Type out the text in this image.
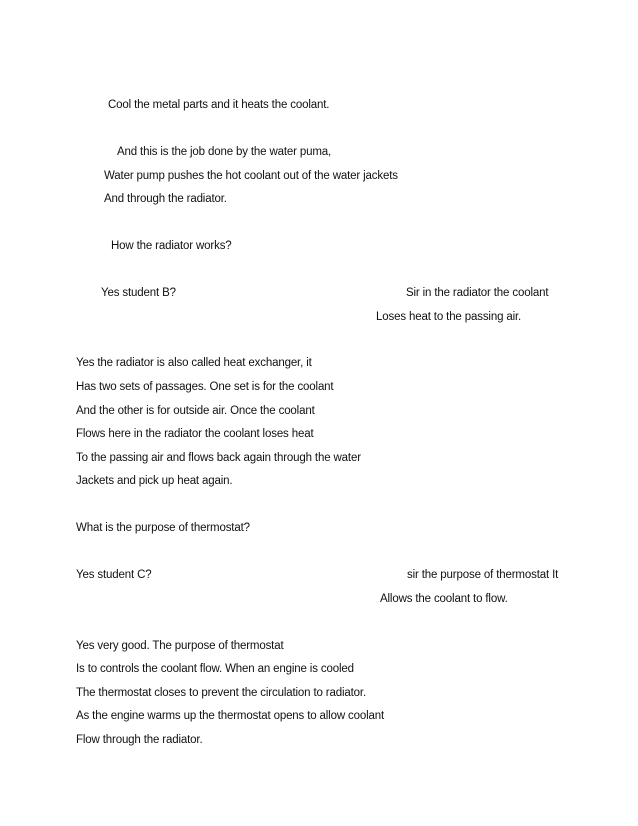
Cool the metal parts and it heats the coolant.
And this is the job done by the water puma,
Water pump pushes the hot coolant out of the water jackets
And through the radiator.
How the radiator works?
Yes student B?	Sir in the radiator the coolant
Loses heat to the passing air.
Yes the radiator is also called heat exchanger, it
Has two sets of passages. One set is for the coolant
And the other is for outside air. Once the coolant
Flows here in the radiator the coolant loses heat
To the passing air and flows back again through the water
Jackets and pick up heat again.
What is the purpose of thermostat?
Yes student C?	sir the purpose of thermostat It
Allows the coolant to flow.
Yes very good. The purpose of thermostat
Is to controls the coolant flow. When an engine is cooled
The thermostat closes to prevent the circulation to radiator.
As the engine warms up the thermostat opens to allow coolant
Flow through the radiator.
